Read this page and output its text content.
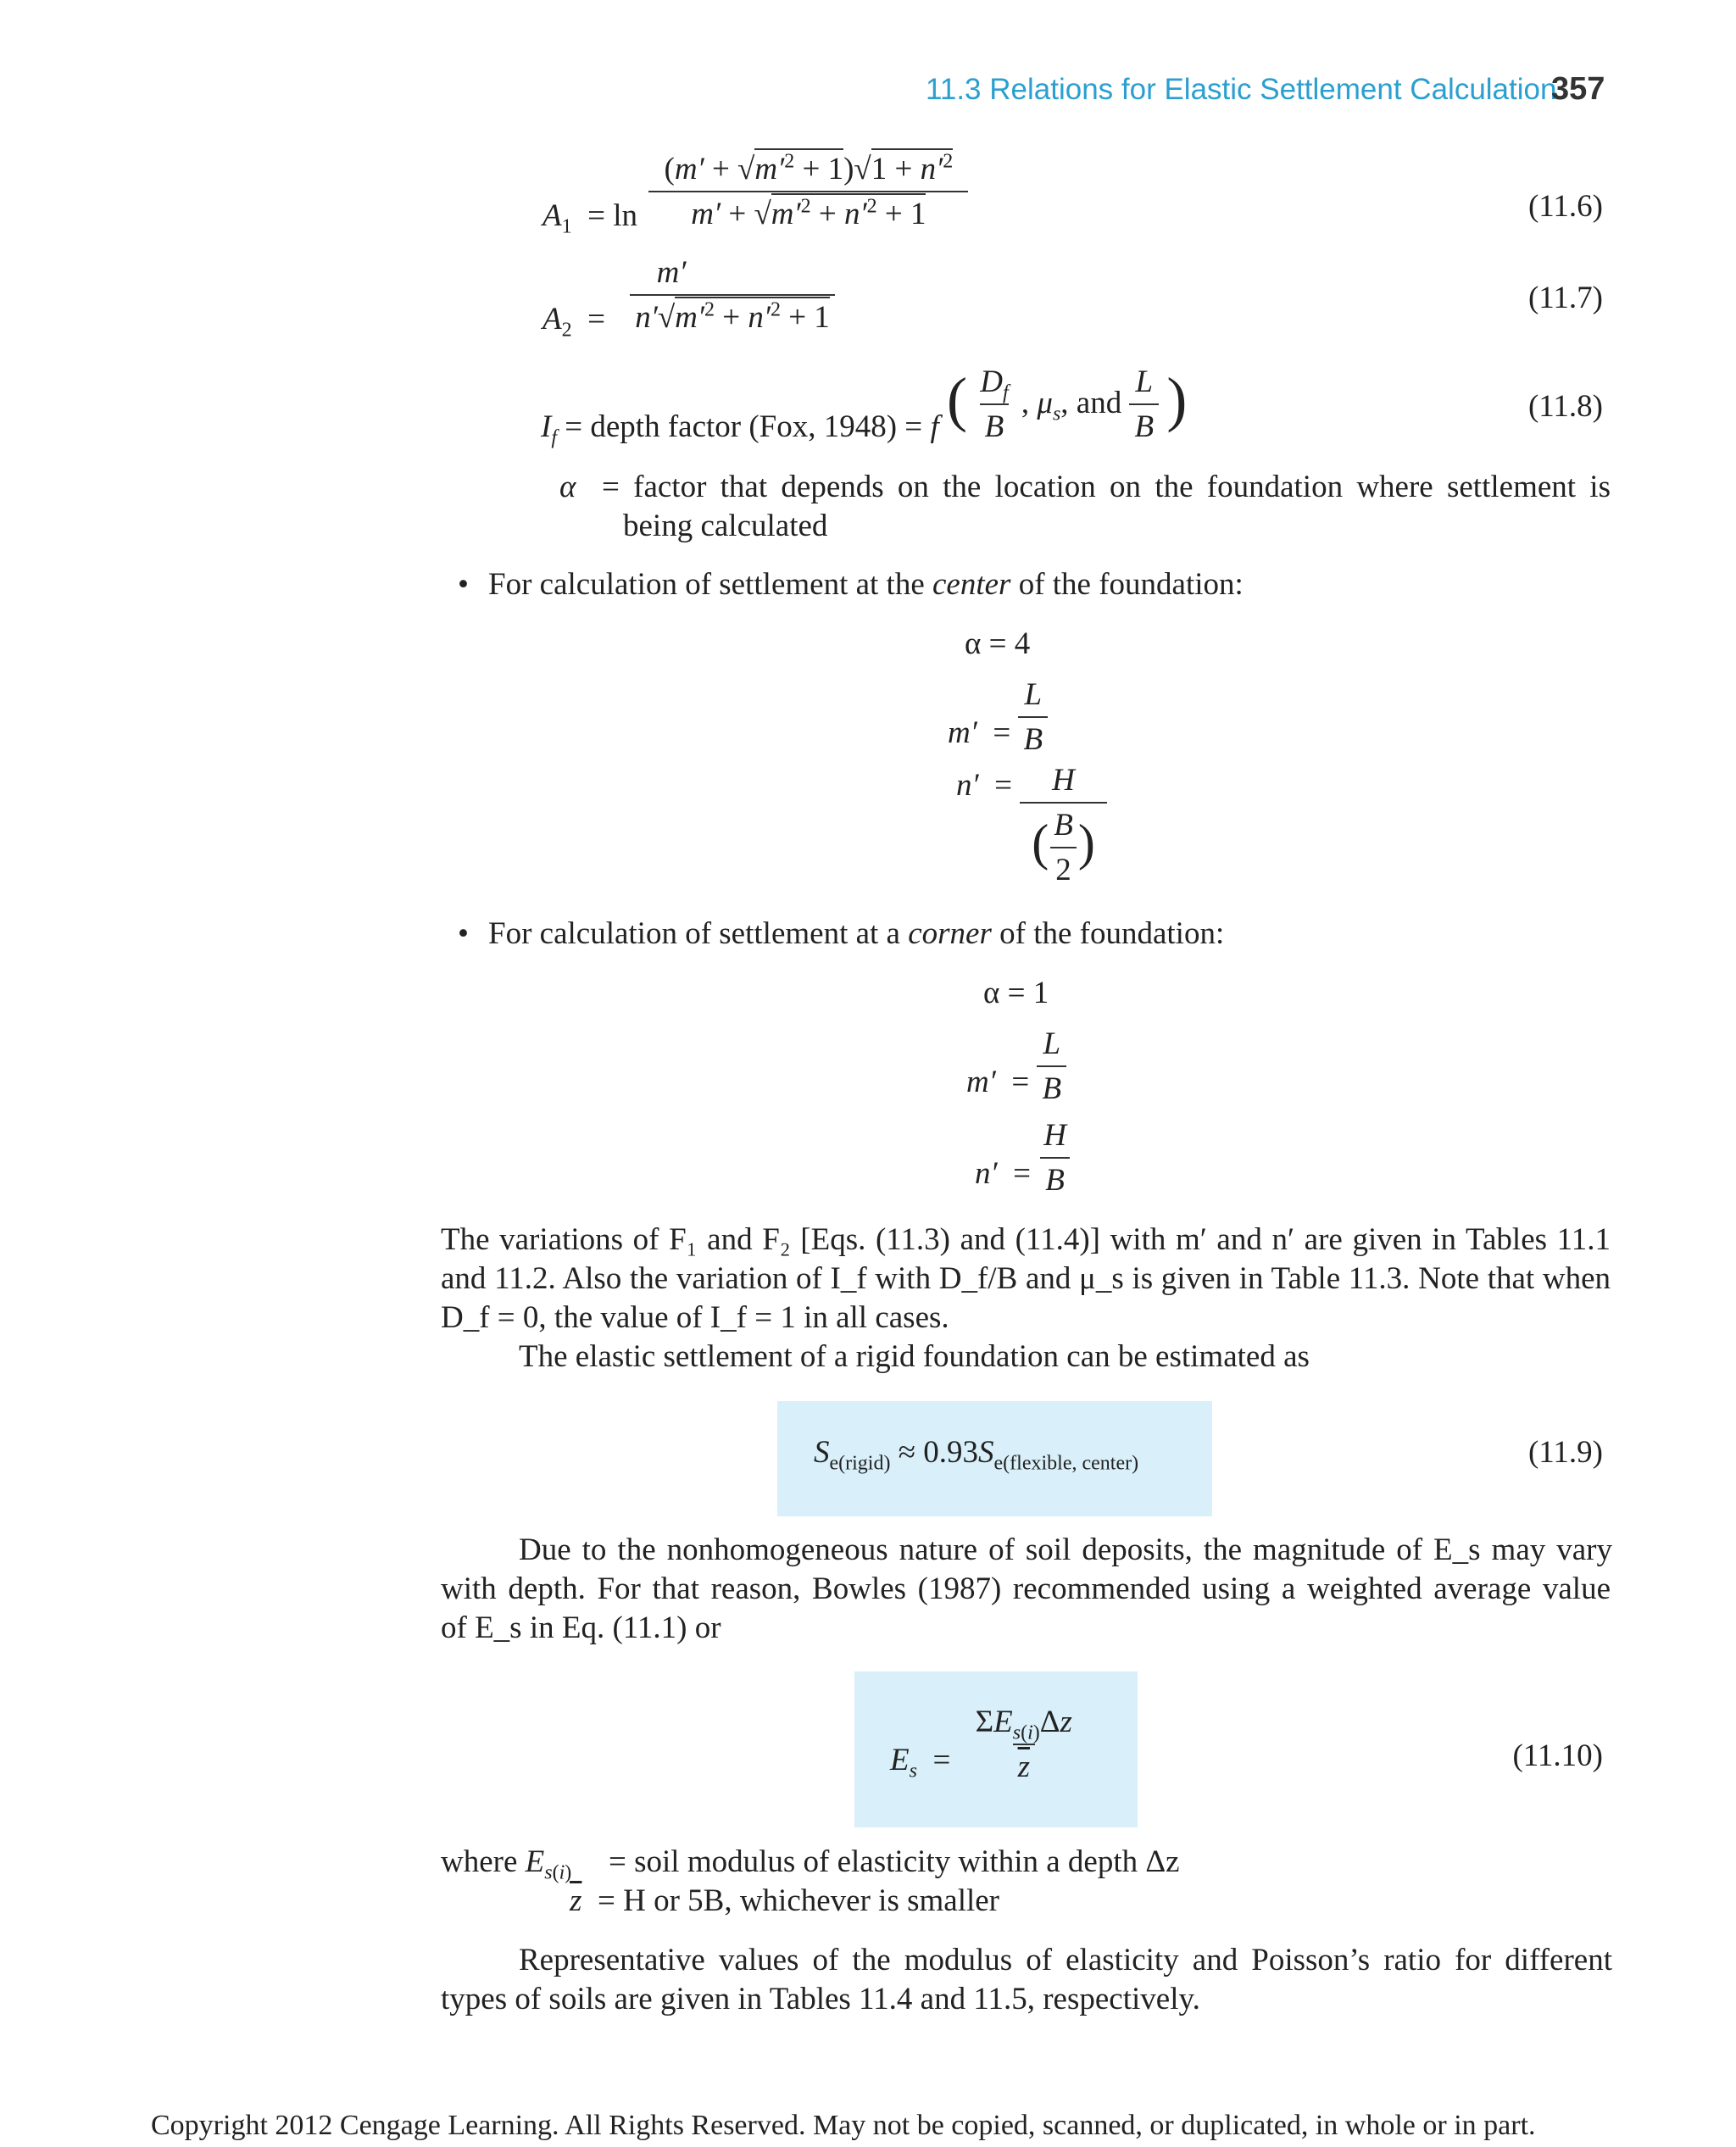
11.3 Relations for Elastic Settlement Calculation
357
$A_1 = \ln \frac{(m' + √m'^2 + 1)√1 + n'^2}{m' + √m'^2 + n'^2 + 1}$	(11.6)
$A_2 = \frac{m'}{n'√m'^2 + n'^2 + 1}$	(11.7)
$I_f$ = depth factor (Fox, 1948) = f ( $\frac{D_f}{B}$ , $\mu_s$, and $\frac{L}{B}$ )	(11.8)
α = factor that depends on the location on the foundation where settlement is
being calculated
• For calculation of settlement at the center of the foundation:
α = 4
$m' = \frac{L}{B}$
$n' = \frac{H}{( \frac{B}{2} )}$
• For calculation of settlement at a corner of the foundation:
α = 1
$m' = \frac{L}{B}$
$n' = \frac{H}{B}$
The variations of F₁ and F₂ [Eqs. (11.3) and (11.4)] with m′ and n′ are given in Tables 11.1
and 11.2. Also the variation of I_f with D_f/B and μ_s is given in Table 11.3. Note that when
D_f = 0, the value of I_f = 1 in all cases.
The elastic settlement of a rigid foundation can be estimated as
$S_{e(rigid)} \approx 0.93S_{e(flexible, center)}$	(11.9)
Due to the nonhomogeneous nature of soil deposits, the magnitude of E_s may vary
with depth. For that reason, Bowles (1987) recommended using a weighted average value
of E_s in Eq. (11.1) or
$E_s = \frac{\Sigma E_{s(i)}\Delta z}{z}$	(11.10)
where $E_{s(i)}$ = soil modulus of elasticity within a depth Δz
$\overline{z} = H$ or 5B, whichever is smaller
Representative values of the modulus of elasticity and Poisson’s ratio for different
types of soils are given in Tables 11.4 and 11.5, respectively.
Copyright 2012 Cengage Learning. All Rights Reserved. May not be copied, scanned, or duplicated, in whole or in part.
